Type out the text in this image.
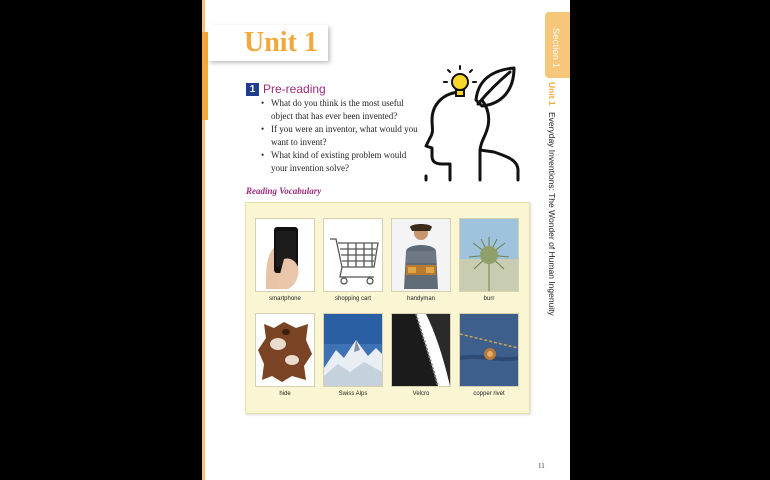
Unit 1
1 Pre-reading
• What do you think is the most useful object that has ever been invented?
• If you were an inventor, what would you want to invent?
• What kind of existing problem would your invention solve?
Reading Vocabulary
smartphone	shopping cart	handyman	burr
hide	Swiss Alps	Velcro	copper rivet
11
Section 1
Unit 1 Everyday Inventions: The Wonder of Human Ingenuity
